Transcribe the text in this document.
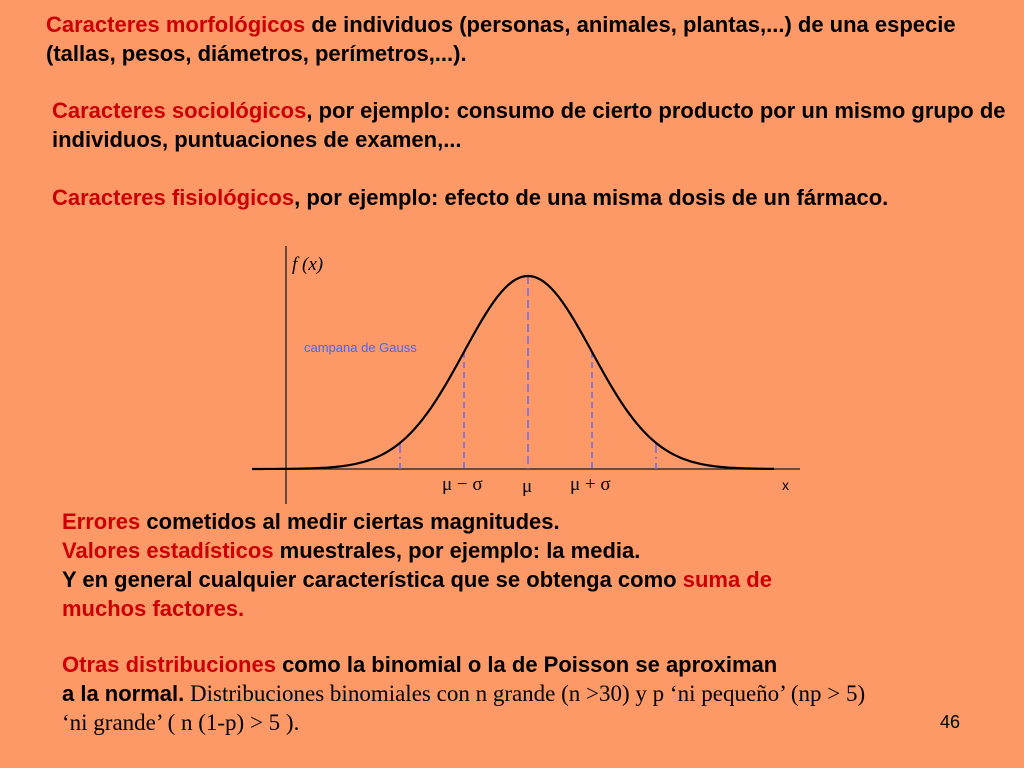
Caracteres morfológicos de individuos (personas, animales, plantas,...) de una especie (tallas, pesos, diámetros, perímetros,...).
Caracteres sociológicos, por ejemplo: consumo de cierto producto por un mismo grupo de individuos, puntuaciones de examen,...
Caracteres fisiológicos, por ejemplo: efecto de una misma dosis de un fármaco.
f (x)
campana de Gauss
μ − σ μ μ + σ	x
Errores cometidos al medir ciertas magnitudes.
Valores estadísticos muestrales, por ejemplo: la media.
Y en general cualquier característica que se obtenga como suma de
muchos factores.
Otras distribuciones como la binomial o la de Poisson se aproximan
a la normal. Distribuciones binomiales con n grande (n >30) y p ‘ni pequeño’ (np > 5)
‘ni grande’ ( n (1-p) > 5 ).	46
